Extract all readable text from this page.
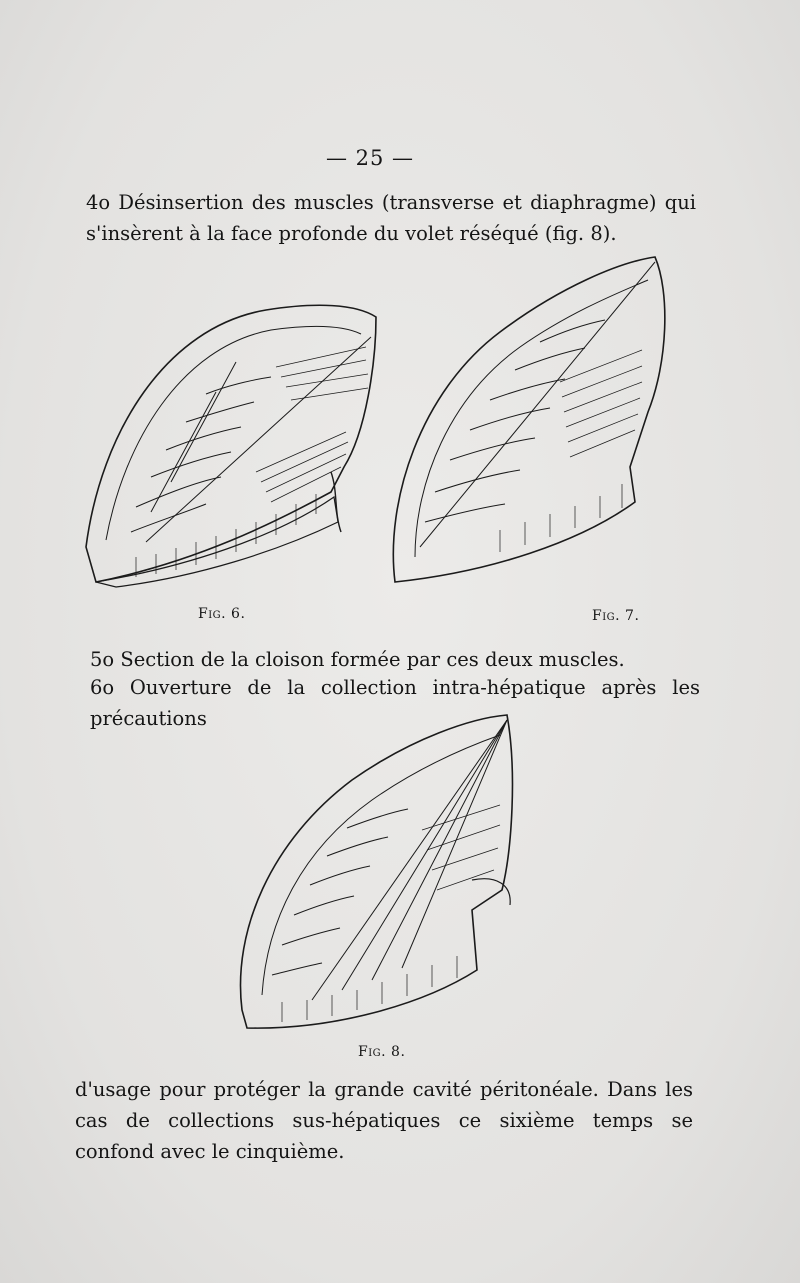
— 25 —

4o Désinsertion des muscles (transverse et diaphragme) qui s'insèrent à la face profonde du volet réséqué (fig. 8).

Fig. 6.	Fig. 7.

5o Section de la cloison formée par ces deux muscles.

6o Ouverture de la collection intra-hépatique après les précautions

Fig. 8.

d'usage pour protéger la grande cavité péritonéale. Dans les cas de collections sus-hépatiques ce sixième temps se confond avec le cinquième.
